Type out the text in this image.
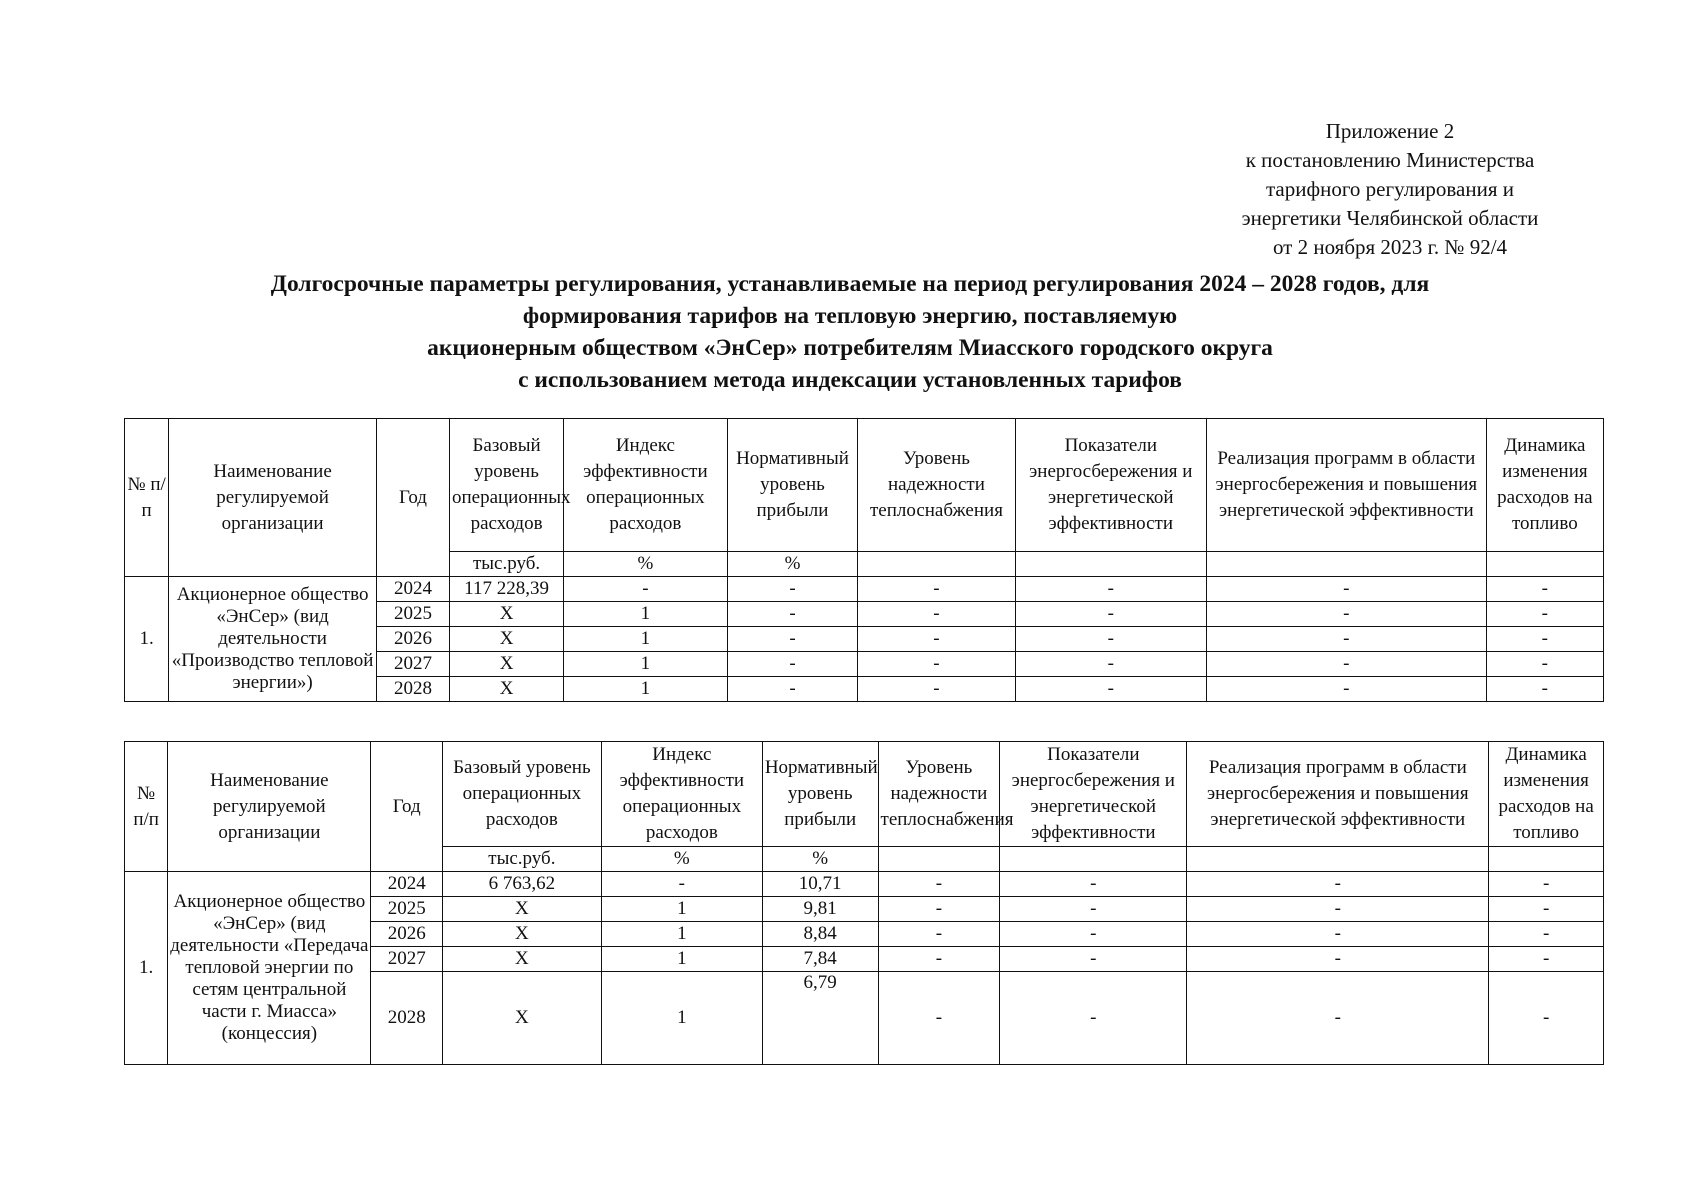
Приложение 2
к постановлению Министерства
тарифного регулирования и
энергетики Челябинской области
от 2 ноября 2023 г. № 92/4
Долгосрочные параметры регулирования, устанавливаемые на период регулирования 2024 – 2028 годов, для
формирования тарифов на тепловую энергию, поставляемую
акционерным обществом «ЭнСер» потребителям Миасского городского округа
с использованием метода индексации установленных тарифов
№ п/п	Наименование регулируемой организации	Год	Базовый уровень операционных расходов	Индекс эффективности операционных расходов	Нормативный уровень прибыли	Уровень надежности теплоснабжения	Показатели энергосбережения и энергетической эффективности	Реализация программ в области энергосбережения и повышения энергетической эффективности	Динамика изменения расходов на топливо
			тыс.руб.	%	%				
1.	Акционерное общество «ЭнСер» (вид деятельности «Производство тепловой энергии»)	2024	117 228,39	-	-	-	-	-	-
		2025	Х	1	-	-	-	-	-
		2026	Х	1	-	-	-	-	-
		2027	Х	1	-	-	-	-	-
		2028	Х	1	-	-	-	-	-
№ п/п	Наименование регулируемой организации	Год	Базовый уровень операционных расходов	Индекс эффективности операционных расходов	Нормативный уровень прибыли	Уровень надежности теплоснабжения	Показатели энергосбережения и энергетической эффективности	Реализация программ в области энергосбережения и повышения энергетической эффективности	Динамика изменения расходов на топливо
			тыс.руб.	%	%				
1.	Акционерное общество «ЭнСер» (вид деятельности «Передача тепловой энергии по сетям центральной части г. Миасса» (концессия)	2024	6 763,62	-	10,71	-	-	-	-
		2025	Х	1	9,81	-	-	-	-
		2026	Х	1	8,84	-	-	-	-
		2027	Х	1	7,84	-	-	-	-
		2028	Х	1	6,79	-	-	-	-
